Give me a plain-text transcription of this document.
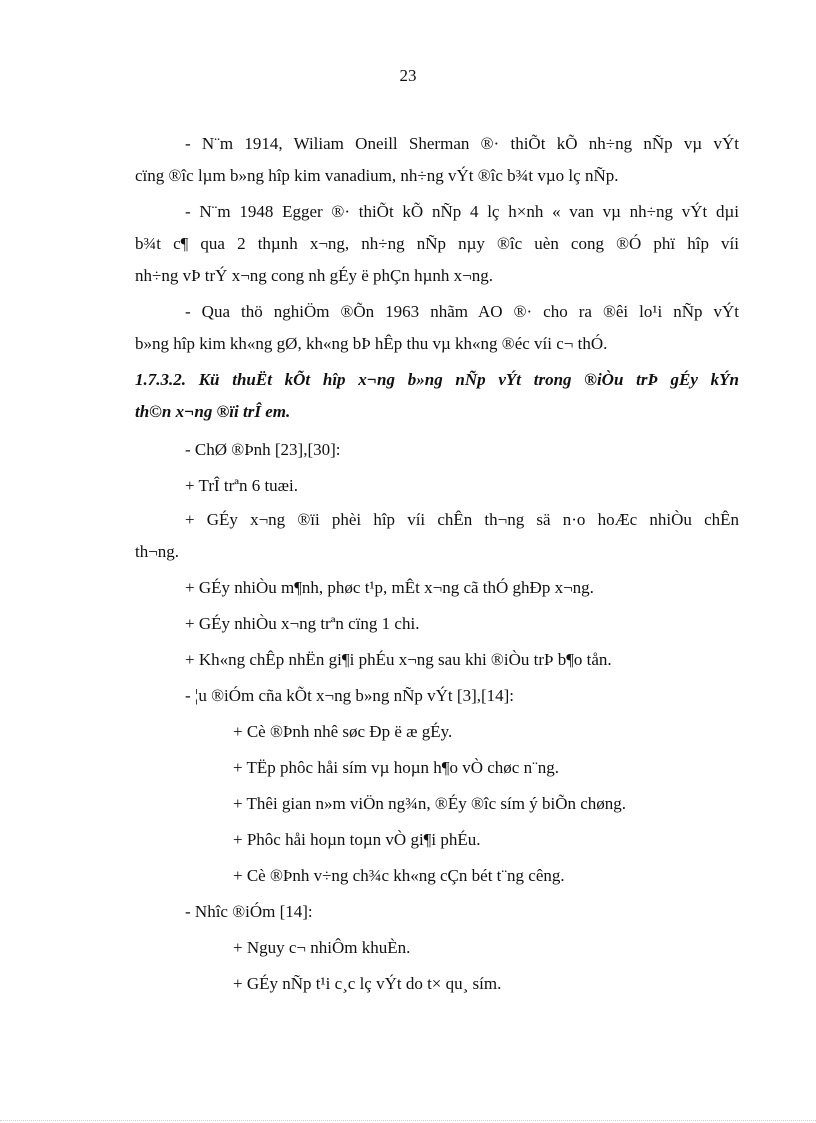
23
- N¨m 1914, Wiliam Oneill Sherman ®· thiÕt kÕ nh÷ng nÑp vµ vÝt
cïng ®îc lµm b»ng hîp kim vanadium, nh÷ng vÝt ®îc b¾t vµo lç nÑp.
- N¨m 1948 Egger ®· thiÕt kÕ nÑp 4 lç h×nh « van vµ nh÷ng vÝt dµi
b¾t c¶ qua 2 thµnh x¬ng, nh÷ng nÑp nµy ®îc uèn cong ®Ó phï hîp víi
nh÷ng vÞ trÝ x¬ng cong nh gÉy ë phÇn hµnh x¬ng.
- Qua thö nghiÖm ®Õn 1963 nhãm AO ®· cho ra ®êi lo¹i nÑp vÝt
b»ng hîp kim kh«ng gØ, kh«ng bÞ hÊp thu vµ kh«ng ®éc víi c¬ thÓ.
1.7.3.2. Kü thuËt kÕt hîp x¬ng b»ng nÑp vÝt trong ®iÒu trÞ gÉy kÝn
th©n x¬ng ®ïi trÎ em.
- ChØ ®Þnh [23],[30]:
+ TrÎ trªn 6 tuæi.
+ GÉy x¬ng ®ïi phèi hîp víi chÊn th¬ng sä n·o hoÆc nhiÒu chÊn
th¬ng.
+ GÉy nhiÒu m¶nh, phøc t¹p, mÊt x¬ng cã thÓ ghÐp x¬ng.
+ GÉy nhiÒu x¬ng trªn cïng 1 chi.
+ Kh«ng chÊp nhËn gi¶i phÉu x¬ng sau khi ®iÒu trÞ b¶o tån.
- ¦u ®iÓm cña kÕt x¬ng b»ng nÑp vÝt [3],[14]:
+ Cè ®Þnh nhê søc Ðp ë æ gÉy.
+ TËp phôc håi sím vµ hoµn h¶o vÒ chøc n¨ng.
+ Thêi gian n»m viÖn ng¾n, ®Éy ®îc sím ý biÕn chøng.
+ Phôc håi hoµn toµn vÒ gi¶i phÉu.
+ Cè ®Þnh v÷ng ch¾c kh«ng cÇn bét t¨ng cêng.
- Nhîc ®iÓm [14]:
+ Nguy c¬ nhiÔm khuÈn.
+ GÉy nÑp t¹i c¸c lç vÝt do t× qu¸ sím.
